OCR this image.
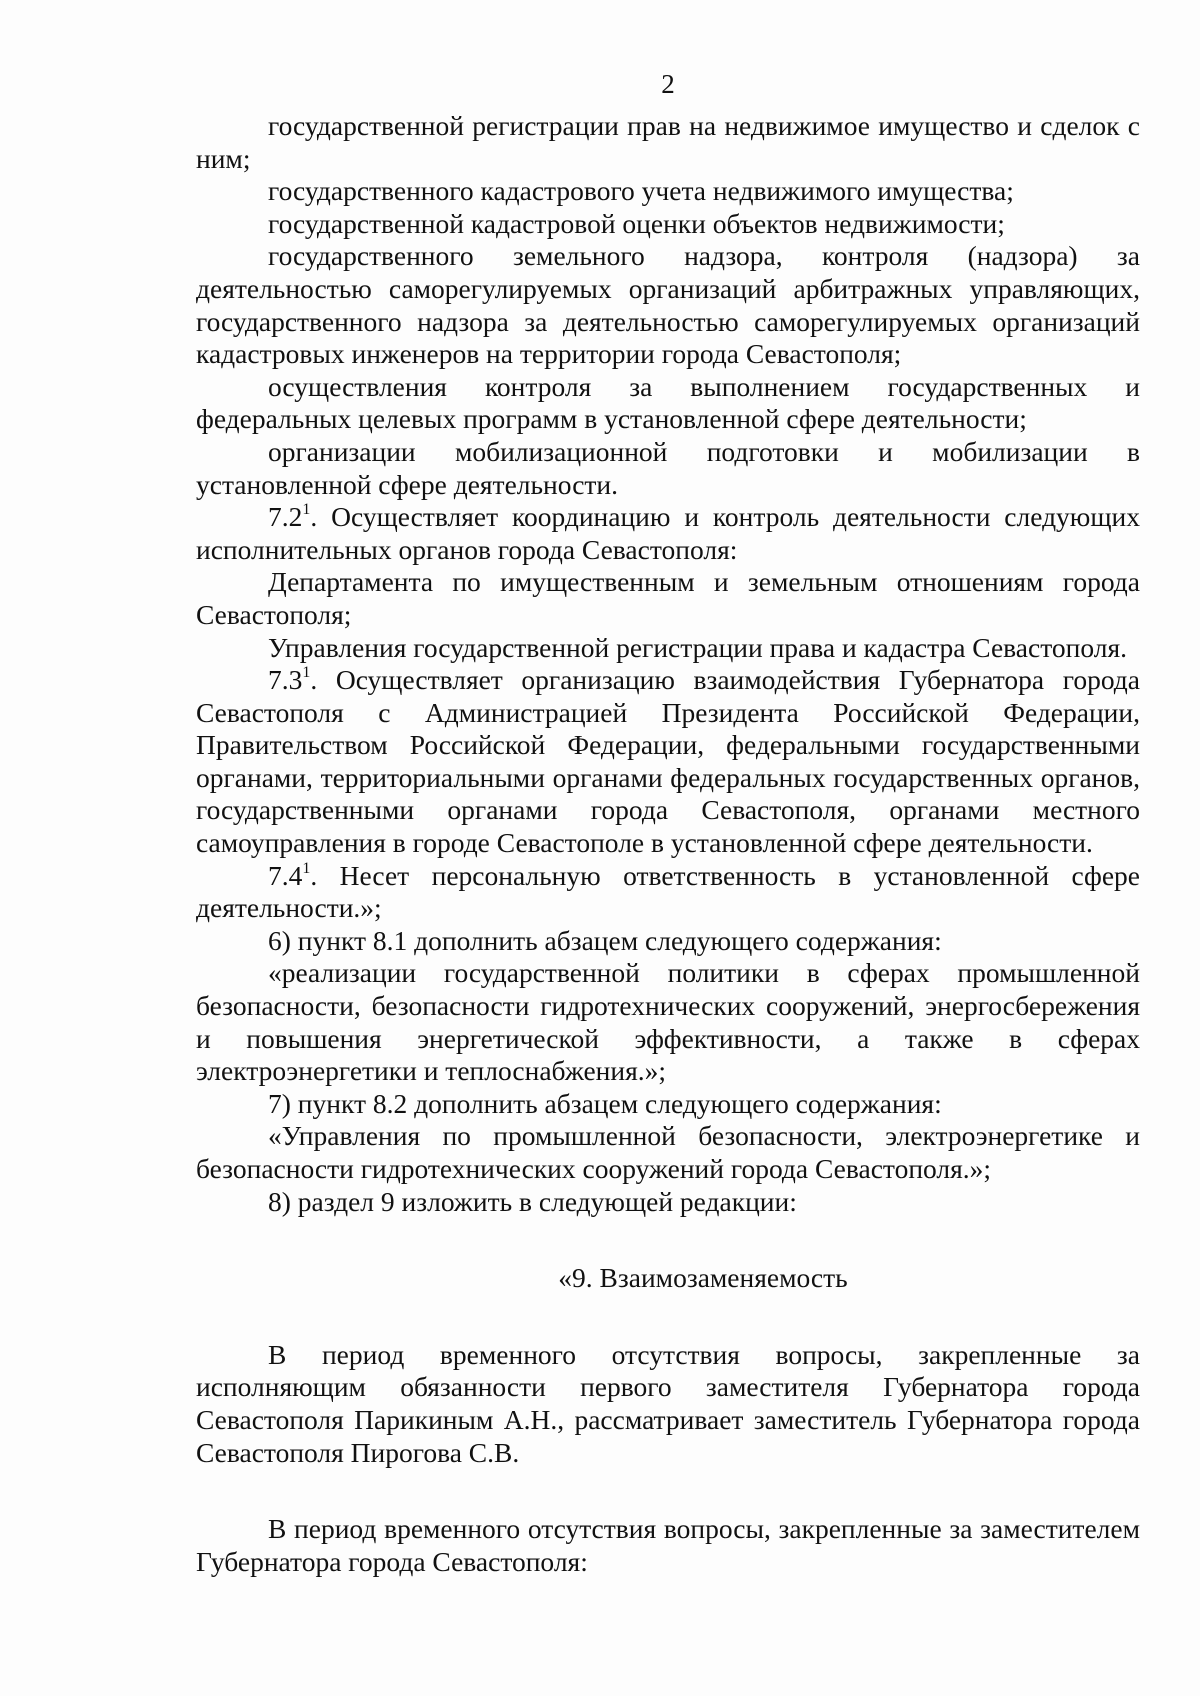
2

государственной регистрации прав на недвижимое имущество и сделок с ним;

государственного кадастрового учета недвижимого имущества;

государственной кадастровой оценки объектов недвижимости;

государственного земельного надзора, контроля (надзора) за деятельностью саморегулируемых организаций арбитражных управляющих, государственного надзора за деятельностью саморегулируемых организаций кадастровых инженеров на территории города Севастополя;

осуществления контроля за выполнением государственных и федеральных целевых программ в установленной сфере деятельности;

организации мобилизационной подготовки и мобилизации в установленной сфере деятельности.

$7.2^1$. Осуществляет координацию и контроль деятельности следующих исполнительных органов города Севастополя:

Департамента по имущественным и земельным отношениям города Севастополя;

Управления государственной регистрации права и кадастра Севастополя.

$7.3^1$. Осуществляет организацию взаимодействия Губернатора города Севастополя с Администрацией Президента Российской Федерации, Правительством Российской Федерации, федеральными государственными органами, территориальными органами федеральных государственных органов, государственными органами города Севастополя, органами местного самоуправления в городе Севастополе в установленной сфере деятельности.

$7.4^1$. Несет персональную ответственность в установленной сфере деятельности.»;

6) пункт 8.1 дополнить абзацем следующего содержания:

«реализации государственной политики в сферах промышленной безопасности, безопасности гидротехнических сооружений, энергосбережения и повышения энергетической эффективности, а также в сферах электроэнергетики и теплоснабжения.»;

7) пункт 8.2 дополнить абзацем следующего содержания:

«Управления по промышленной безопасности, электроэнергетике и безопасности гидротехнических сооружений города Севастополя.»;

8) раздел 9 изложить в следующей редакции:

«9. Взаимозаменяемость

В период временного отсутствия вопросы, закрепленные за исполняющим обязанности первого заместителя Губернатора города Севастополя Парикиным А.Н., рассматривает заместитель Губернатора города Севастополя Пирогова С.В.

В период временного отсутствия вопросы, закрепленные за заместителем Губернатора города Севастополя:
